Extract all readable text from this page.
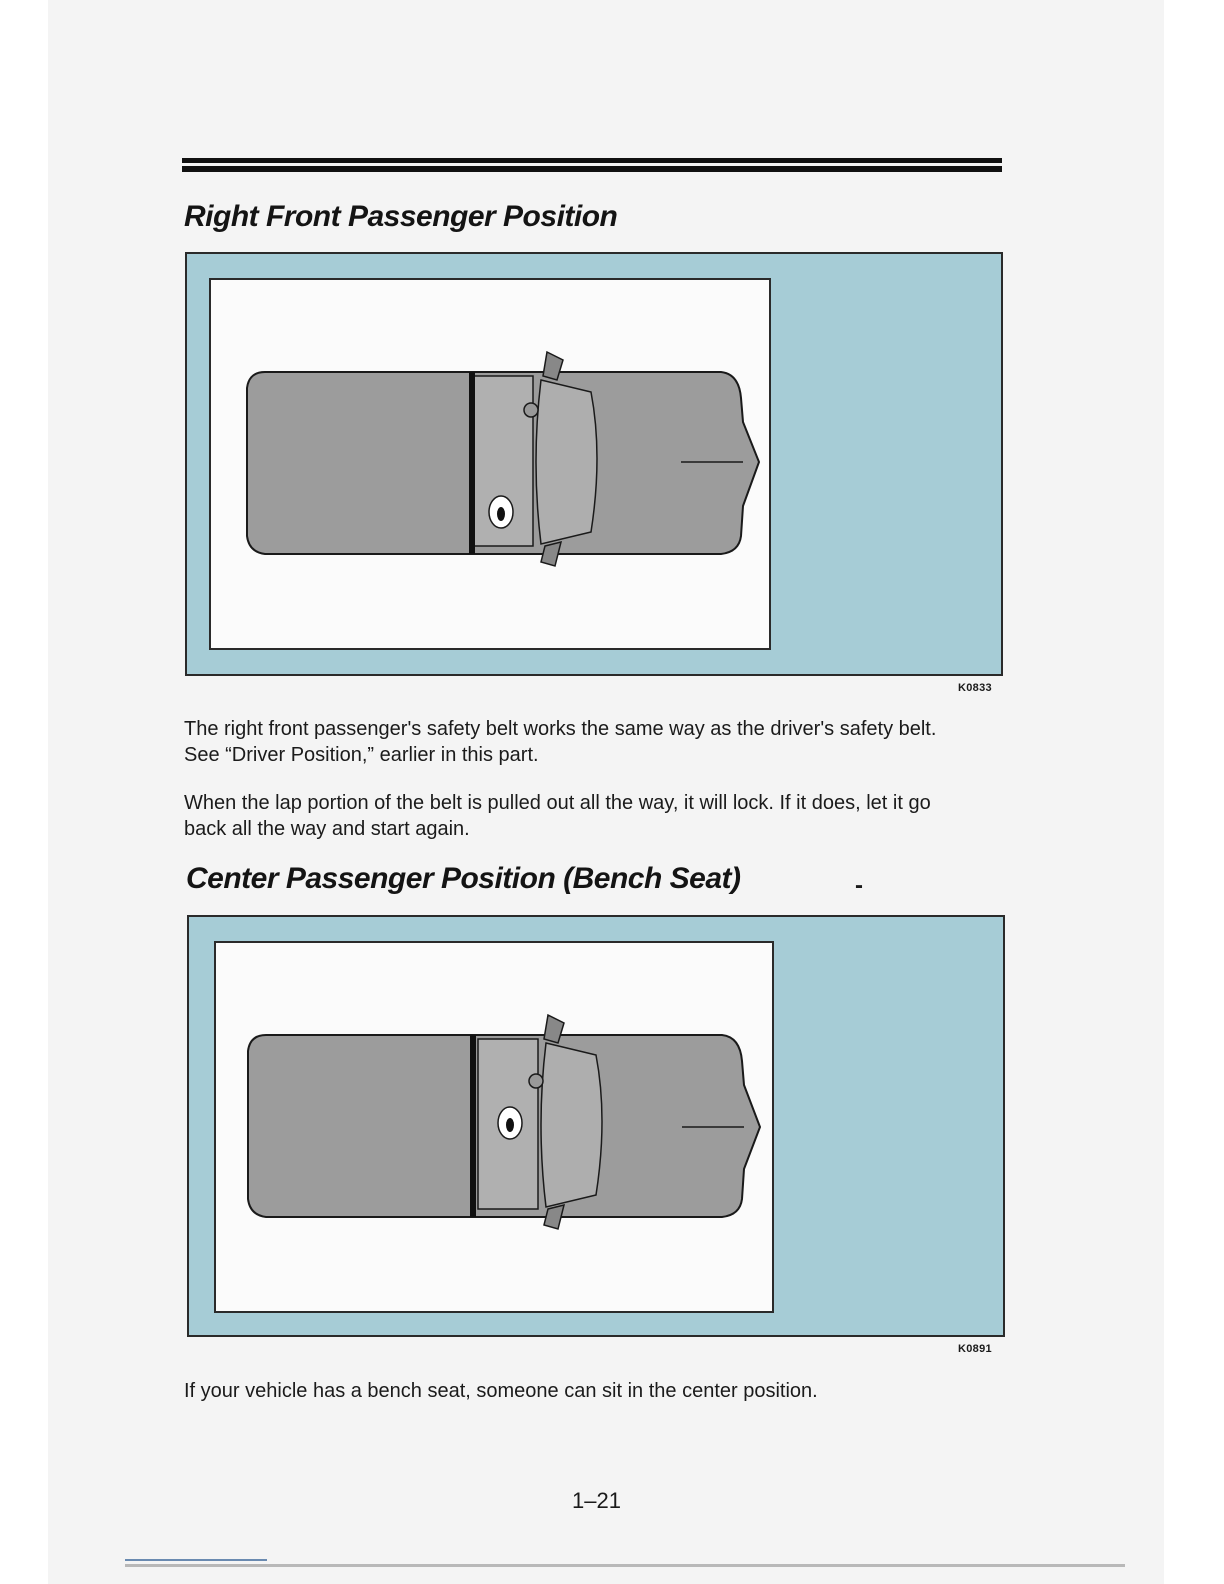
Right Front Passenger Position
K0833

The right front passenger's safety belt works the same way as the driver's safety belt. See “Driver Position,” earlier in this part.

When the lap portion of the belt is pulled out all the way, it will lock. If it does, let it go back all the way and start again.

Center Passenger Position (Bench Seat)	-
K0891

If your vehicle has a bench seat, someone can sit in the center position.

1–21
